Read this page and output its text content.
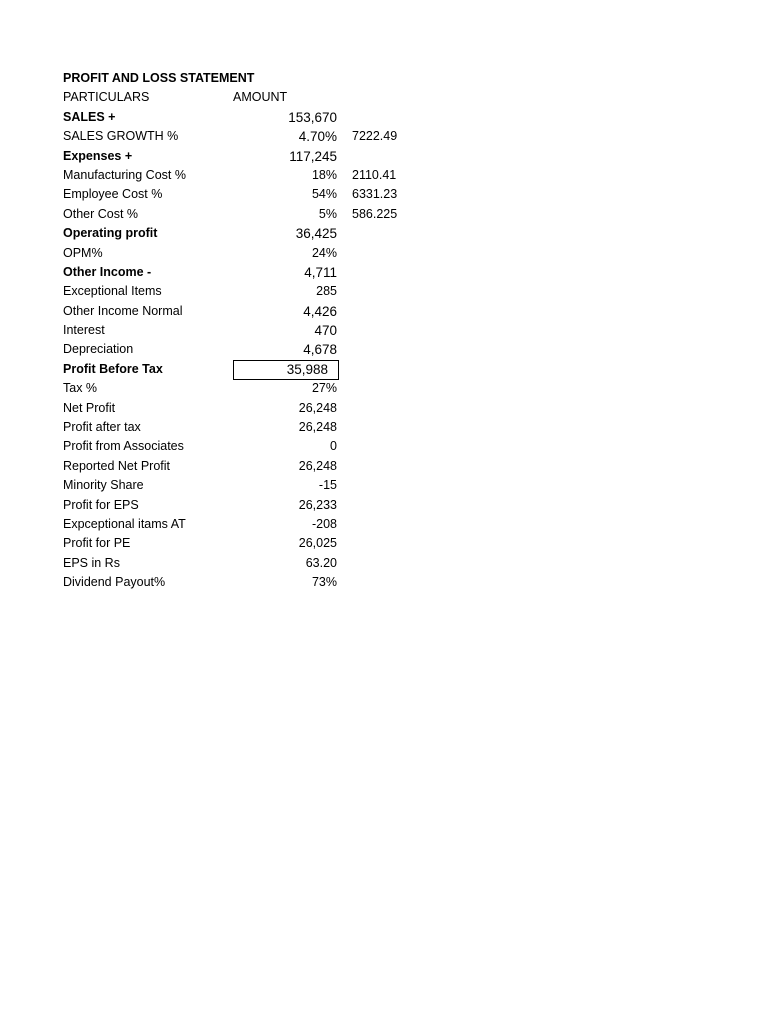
PROFIT AND LOSS STATEMENT
PARTICULARS	AMOUNT
SALES +	153,670
SALES GROWTH %	4.70% 7222.49
Expenses +	117,245
Manufacturing Cost %	18% 2110.41
Employee Cost %	54% 6331.23
Other Cost %	5% 586.225
Operating profit	36,425
OPM%	24%
Other Income -	4,711
Exceptional Items	285
Other Income Normal	4,426
Interest	470
Depreciation	4,678
Profit Before Tax	35,988
Tax %	27%
Net Profit	26,248
Profit after tax	26,248
Profit from Associates	0
Reported Net Profit	26,248
Minority Share	-15
Profit for EPS	26,233
Expceptional itams AT	-208
Profit for PE	26,025
EPS in Rs	63.20
Dividend Payout%	73%
